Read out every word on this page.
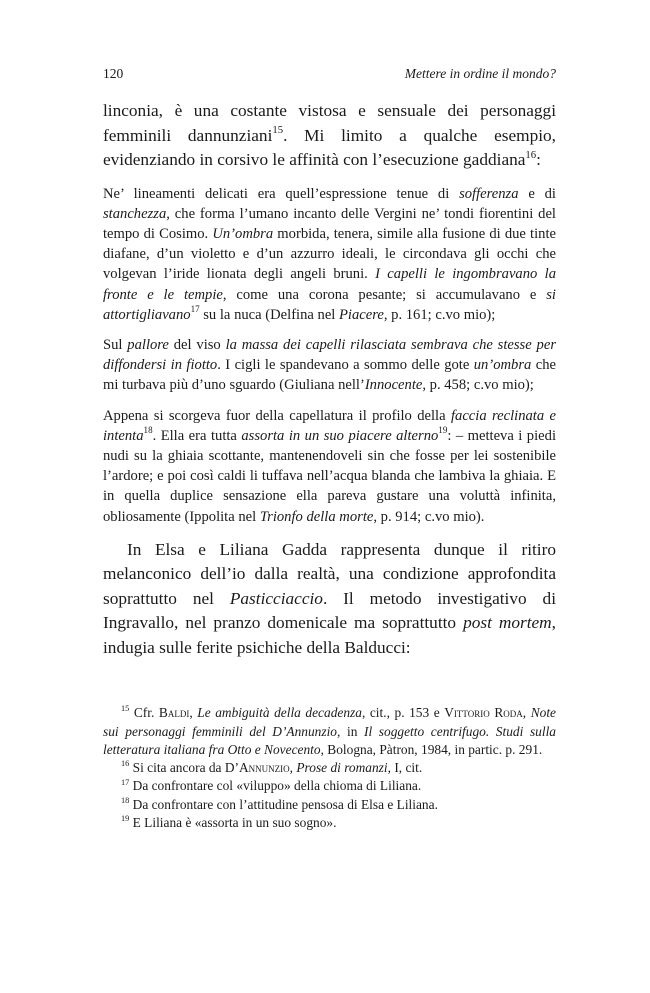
120	Mettere in ordine il mondo?

linconia, è una costante vistosa e sensuale dei personaggi femminili dannunziani$^{15}$. Mi limito a qualche esempio, evidenziando in corsivo le affinità con l’esecuzione gaddiana$^{16}$:

Ne’ lineamenti delicati era quell’espressione tenue di sofferenza e di stanchezza, che forma l’umano incanto delle Vergini ne’ tondi fiorentini del tempo di Cosimo. Un’ombra morbida, tenera, simile alla fusione di due tinte diafane, d’un violetto e d’un azzurro ideali, le circondava gli occhi che volgevan l’iride lionata degli angeli bruni. I capelli le ingombravano la fronte e le tempie, come una corona pesante; si accumulavano e si attortigliavano$^{17}$ su la nuca (Delfina nel Piacere, p. 161; c.vo mio);

Sul pallore del viso la massa dei capelli rilasciata sembrava che stesse per diffondersi in fiotto. I cigli le spandevano a sommo delle gote un’ombra che mi turbava più d’uno sguardo (Giuliana nell’Innocente, p. 458; c.vo mio);

Appena si scorgeva fuor della capellatura il profilo della faccia reclinata e intenta$^{18}$. Ella era tutta assorta in un suo piacere alterno$^{19}$: – metteva i piedi nudi su la ghiaia scottante, mantenendoveli sin che fosse per lei sostenibile l’ardore; e poi così caldi li tuffava nell’acqua blanda che lambiva la ghiaia. E in quella duplice sensazione ella pareva gustare una voluttà infinita, obliosamente (Ippolita nel Trionfo della morte, p. 914; c.vo mio).

In Elsa e Liliana Gadda rappresenta dunque il ritiro melanconico dell’io dalla realtà, una condizione approfondita soprattutto nel Pasticciaccio. Il metodo investigativo di Ingravallo, nel pranzo domenicale ma soprattutto post mortem, indugia sulle ferite psichiche della Balducci:

$^{15}$ Cfr. Baldi, Le ambiguità della decadenza, cit., p. 153 e Vittorio Roda, Note sui personaggi femminili del D’Annunzio, in Il soggetto centrifugo. Studi sulla letteratura italiana fra Otto e Novecento, Bologna, Pàtron, 1984, in partic. p. 291.

$^{16}$ Si cita ancora da D’Annunzio, Prose di romanzi, I, cit.

$^{17}$ Da confrontare col «viluppo» della chioma di Liliana.

$^{18}$ Da confrontare con l’attitudine pensosa di Elsa e Liliana.

$^{19}$ E Liliana è «assorta in un suo sogno».
